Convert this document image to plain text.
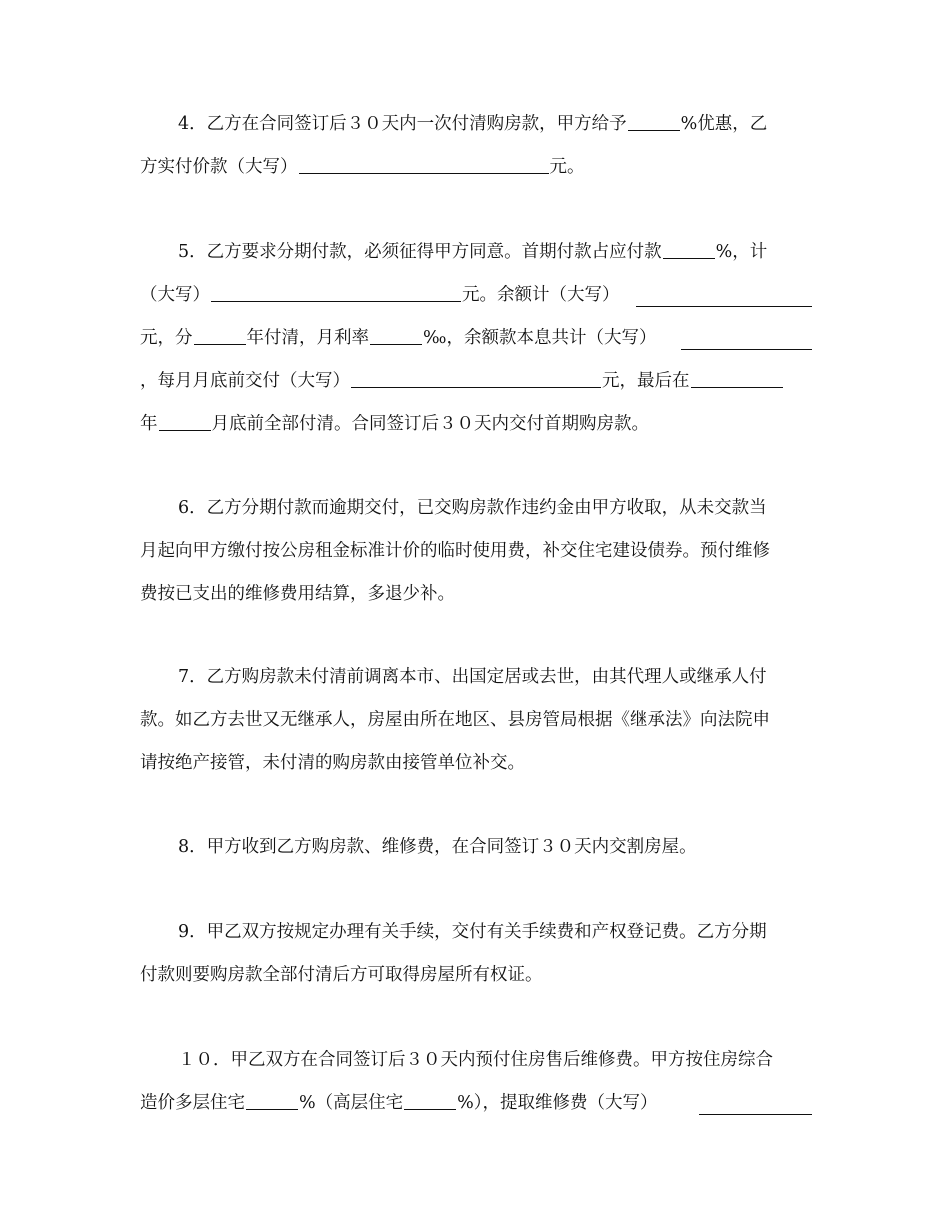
4．乙方在合同签订后３０天内一次付清购房款，甲方给予	%优惠，乙
方实付价款（大写）	元。
5．乙方要求分期付款，必须征得甲方同意。首期付款占应付款	%，计
（大写）	元。余额计（大写）
元，分	年付清，月利率	‰，余额款本息共计（大写）
，每月月底前交付（大写）	元，最后在
年	月底前全部付清。合同签订后３０天内交付首期购房款。
6．乙方分期付款而逾期交付，已交购房款作违约金由甲方收取，从未交款当
月起向甲方缴付按公房租金标准计价的临时使用费，补交住宅建设债券。预付维修
费按已支出的维修费用结算，多退少补。
7．乙方购房款未付清前调离本市、出国定居或去世，由其代理人或继承人付
款。如乙方去世又无继承人，房屋由所在地区、县房管局根据《继承法》向法院申
请按绝产接管，未付清的购房款由接管单位补交。
8．甲方收到乙方购房款、维修费，在合同签订３０天内交割房屋。
9．甲乙双方按规定办理有关手续，交付有关手续费和产权登记费。乙方分期
付款则要购房款全部付清后方可取得房屋所有权证。
１０．甲乙双方在合同签订后３０天内预付住房售后维修费。甲方按住房综合
造价多层住宅	%（高层住宅	%），提取维修费（大写）
